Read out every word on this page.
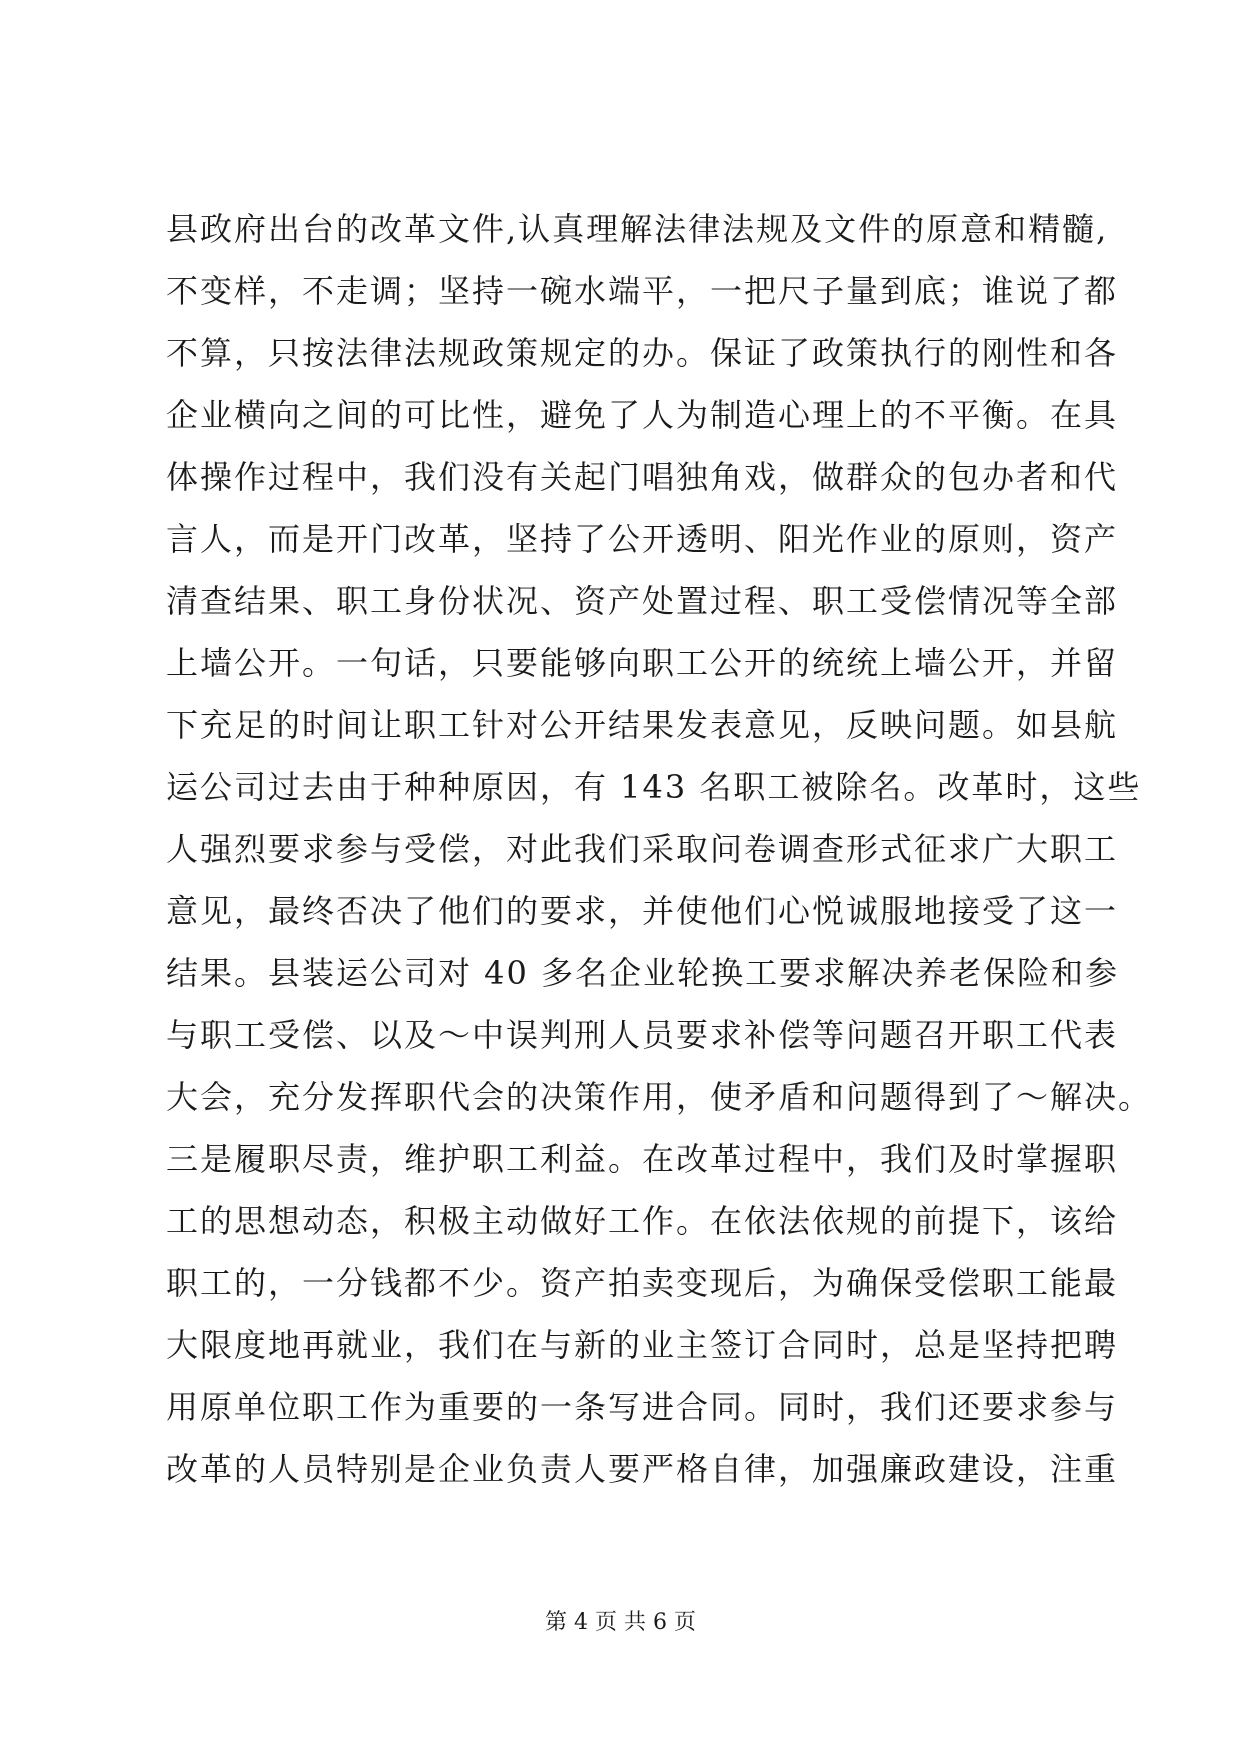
县政府出台的改革文件,认真理解法律法规及文件的原意和精髓,
不变样，不走调；坚持一碗水端平，一把尺子量到底；谁说了都
不算，只按法律法规政策规定的办。保证了政策执行的刚性和各
企业横向之间的可比性，避免了人为制造心理上的不平衡。在具
体操作过程中，我们没有关起门唱独角戏，做群众的包办者和代
言人，而是开门改革，坚持了公开透明、阳光作业的原则，资产
清查结果、职工身份状况、资产处置过程、职工受偿情况等全部
上墙公开。一句话，只要能够向职工公开的统统上墙公开，并留
下充足的时间让职工针对公开结果发表意见，反映问题。如县航
运公司过去由于种种原因，有 143 名职工被除名。改革时，这些
人强烈要求参与受偿，对此我们采取问卷调查形式征求广大职工
意见，最终否决了他们的要求，并使他们心悦诚服地接受了这一
结果。县装运公司对 40 多名企业轮换工要求解决养老保险和参
与职工受偿、以及～中误判刑人员要求补偿等问题召开职工代表
大会，充分发挥职代会的决策作用，使矛盾和问题得到了～解决。
三是履职尽责，维护职工利益。在改革过程中，我们及时掌握职
工的思想动态，积极主动做好工作。在依法依规的前提下，该给
职工的，一分钱都不少。资产拍卖变现后，为确保受偿职工能最
大限度地再就业，我们在与新的业主签订合同时，总是坚持把聘
用原单位职工作为重要的一条写进合同。同时，我们还要求参与
改革的人员特别是企业负责人要严格自律，加强廉政建设，注重
第 4 页 共 6 页
